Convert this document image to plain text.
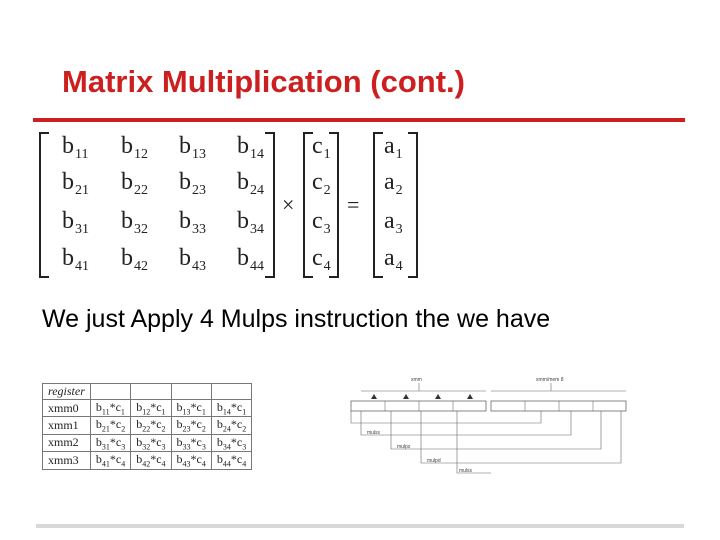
Matrix Multiplication (cont.)
$b_{11}$ $b_{12}$ $b_{13}$ $b_{14}$
$b_{21}$ $b_{22}$ $b_{23}$ $b_{24}$
$b_{31}$ $b_{32}$ $b_{33}$ $b_{34}$
$b_{41}$ $b_{42}$ $b_{43}$ $b_{44}$
×
$c_1$
$c_2$
$c_3$
$c_4$
=
$a_1$
$a_2$
$a_3$
$a_4$
We just Apply 4 Mulps instruction the we have
register				
xmm0	$b_{11}*c_1$	$b_{12}*c_1$	$b_{13}*c_1$	$b_{14}*c_1$
xmm1	$b_{21}*c_2$	$b_{22}*c_2$	$b_{23}*c_2$	$b_{24}*c_2$
xmm2	$b_{31}*c_3$	$b_{32}*c_3$	$b_{33}*c_3$	$b_{34}*c_3$
xmm3	$b_{41}*c_4$	$b_{42}*c_4$	$b_{43}*c_4$	$b_{44}*c_4$
xmm	xmm/mem 8
mulss
mulps
mulpd
mulss
